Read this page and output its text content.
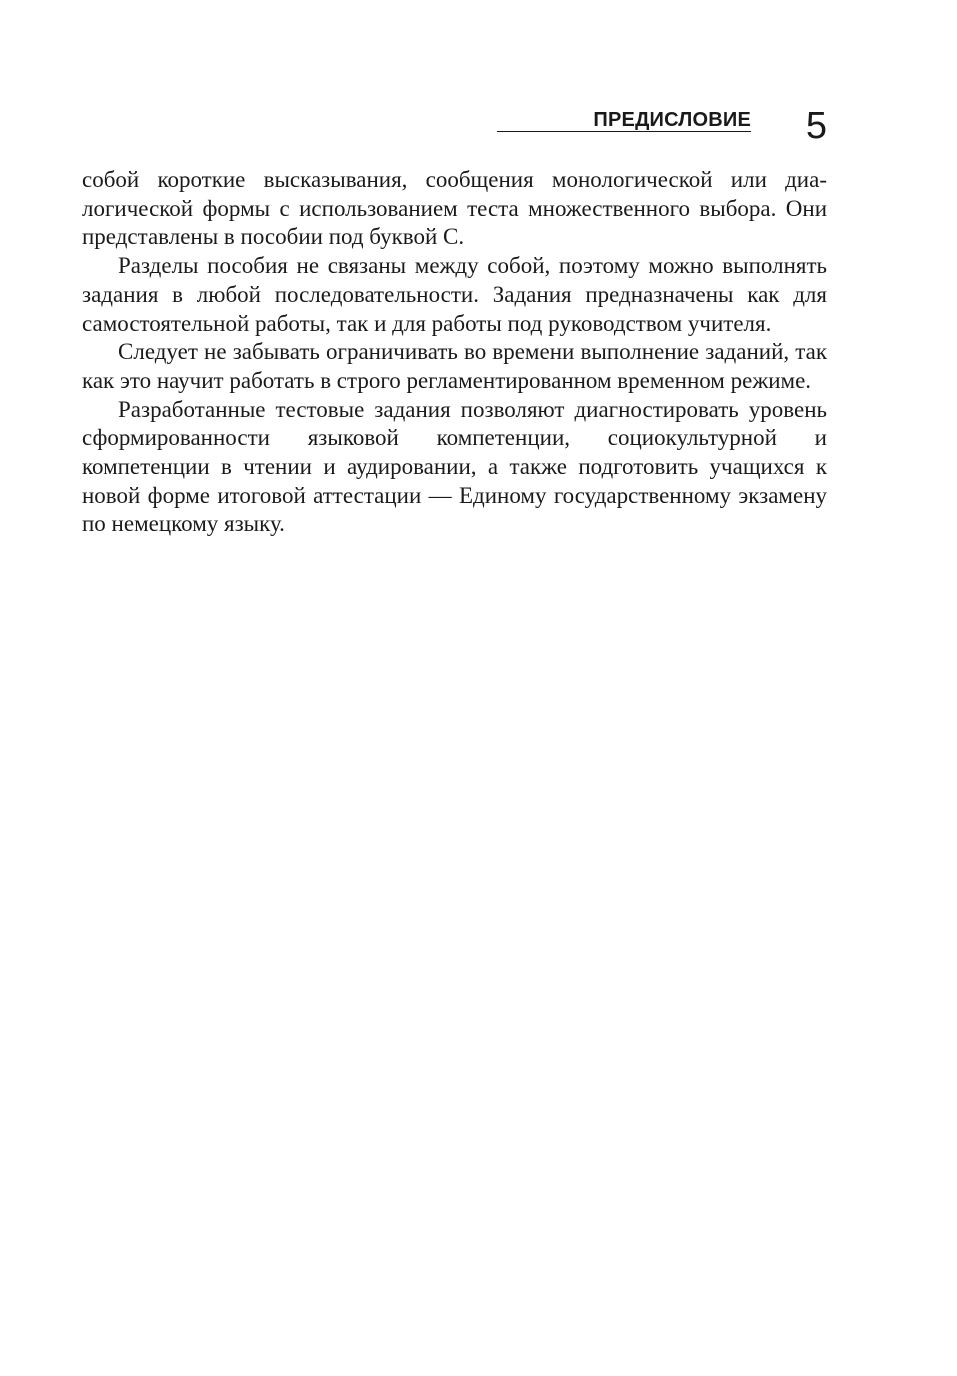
ПРЕДИСЛОВИЕ 5

собой короткие высказывания, сообщения монологической или диалогической формы с использованием теста множественного выбора. Они представлены в пособии под буквой С.

Разделы пособия не связаны между собой, поэтому можно выполнять задания в любой последовательности. Задания предназначены как для самостоятельной работы, так и для работы под руководством учителя.

Следует не забывать ограничивать во времени выполнение заданий, так как это научит работать в строго регламентированном временном режиме.

Разработанные тестовые задания позволяют диагностировать уровень сформированности языковой компетенции, социокультурной и компетенции в чтении и аудировании, а также подготовить учащихся к новой форме итоговой аттестации — Единому государственному экзамену по немецкому языку.
